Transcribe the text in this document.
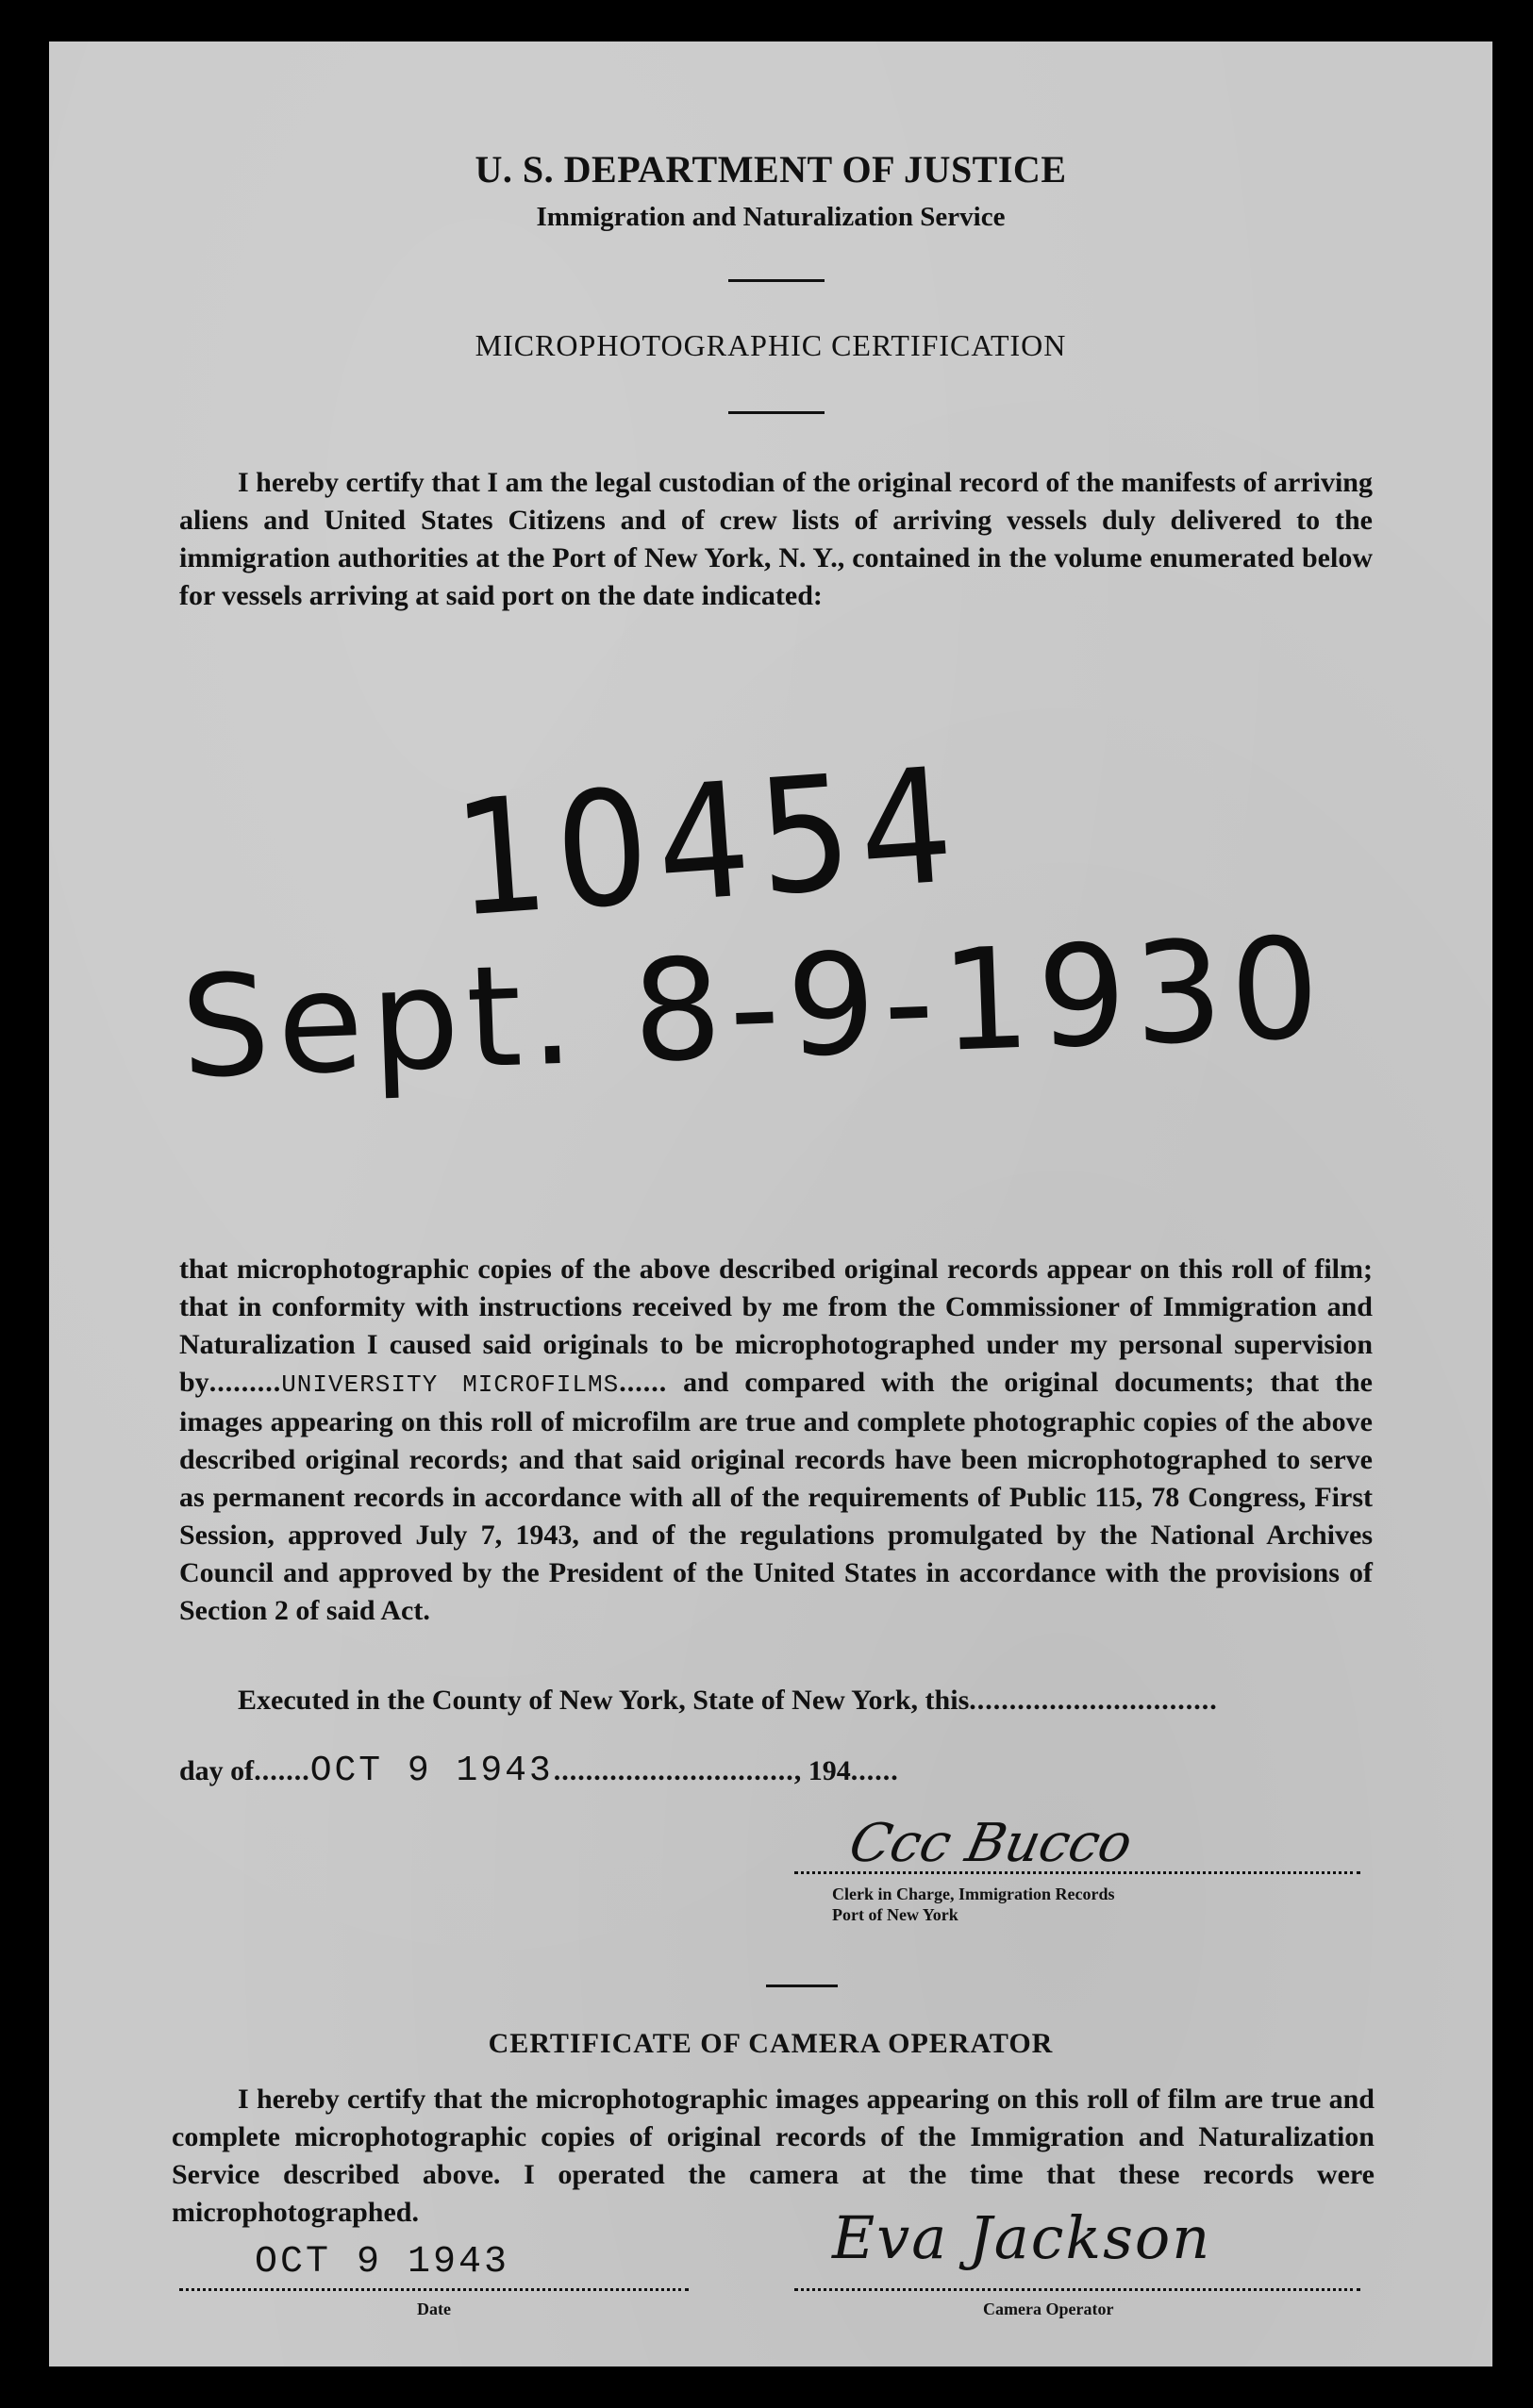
U. S. DEPARTMENT OF JUSTICE
Immigration and Naturalization Service
MICROPHOTOGRAPHIC CERTIFICATION

I hereby certify that I am the legal custodian of the original record of the manifests of arriving aliens and United States Citizens and of crew lists of arriving vessels duly delivered to the immigration authorities at the Port of New York, N. Y., contained in the volume enumerated below for vessels arriving at said port on the date indicated:

10454
Sept. 8-9-1930

that microphotographic copies of the above described original records appear on this roll of film; that in conformity with instructions received by me from the Commissioner of Immigration and Naturalization I caused said originals to be microphotographed under my personal supervision by.........UNIVERSITY MICROFILMS...... and compared with the original documents; that the images appearing on this roll of microfilm are true and complete photographic copies of the above described original records; and that said original records have been microphotographed to serve as permanent records in accordance with all of the requirements of Public 115, 78 Congress, First Session, approved July 7, 1943, and of the regulations promulgated by the National Archives Council and approved by the President of the United States in accordance with the provisions of Section 2 of said Act.

Executed in the County of New York, State of New York, this...............................
day of.......OCT 9 1943.............................., 194......
Ccc Bucco
Clerk in Charge, Immigration Records
Port of New York
CERTIFICATE OF CAMERA OPERATOR

I hereby certify that the microphotographic images appearing on this roll of film are true and complete microphotographic copies of original records of the Immigration and Naturalization Service described above. I operated the camera at the time that these records were microphotographed.

OCT 9 1943
Date
Eva Jackson
Camera Operator
